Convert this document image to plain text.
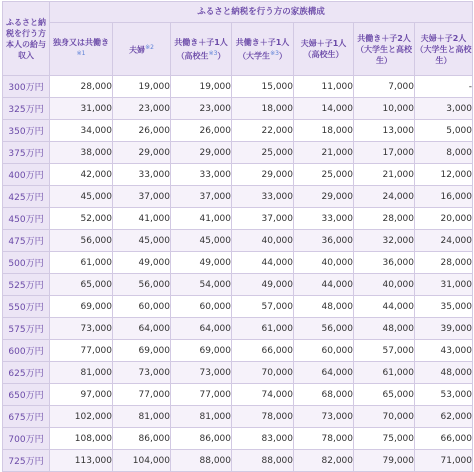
ふるさと納税を行う方本人の給与収入	ふるさと納税を行う方の家族構成						
	独身又は共働き$^{※1}$	夫婦$^{※2}$	共働き＋子1人（高校生$^{※3}$）	共働き＋子1人（大学生$^{※3}$）	夫婦＋子1人（高校生）	共働き＋子2人（大学生と高校生）	夫婦＋子2人（大学生と高校生）
300万円	28,000	19,000	19,000	15,000	11,000	7,000	-
325万円	31,000	23,000	23,000	18,000	14,000	10,000	3,000
350万円	34,000	26,000	26,000	22,000	18,000	13,000	5,000
375万円	38,000	29,000	29,000	25,000	21,000	17,000	8,000
400万円	42,000	33,000	33,000	29,000	25,000	21,000	12,000
425万円	45,000	37,000	37,000	33,000	29,000	24,000	16,000
450万円	52,000	41,000	41,000	37,000	33,000	28,000	20,000
475万円	56,000	45,000	45,000	40,000	36,000	32,000	24,000
500万円	61,000	49,000	49,000	44,000	40,000	36,000	28,000
525万円	65,000	56,000	54,000	49,000	44,000	40,000	31,000
550万円	69,000	60,000	60,000	57,000	48,000	44,000	35,000
575万円	73,000	64,000	64,000	61,000	56,000	48,000	39,000
600万円	77,000	69,000	69,000	66,000	60,000	57,000	43,000
625万円	81,000	73,000	73,000	70,000	64,000	61,000	48,000
650万円	97,000	77,000	77,000	74,000	68,000	65,000	53,000
675万円	102,000	81,000	81,000	78,000	73,000	70,000	62,000
700万円	108,000	86,000	86,000	83,000	78,000	75,000	66,000
725万円	113,000	104,000	88,000	88,000	82,000	79,000	71,000
